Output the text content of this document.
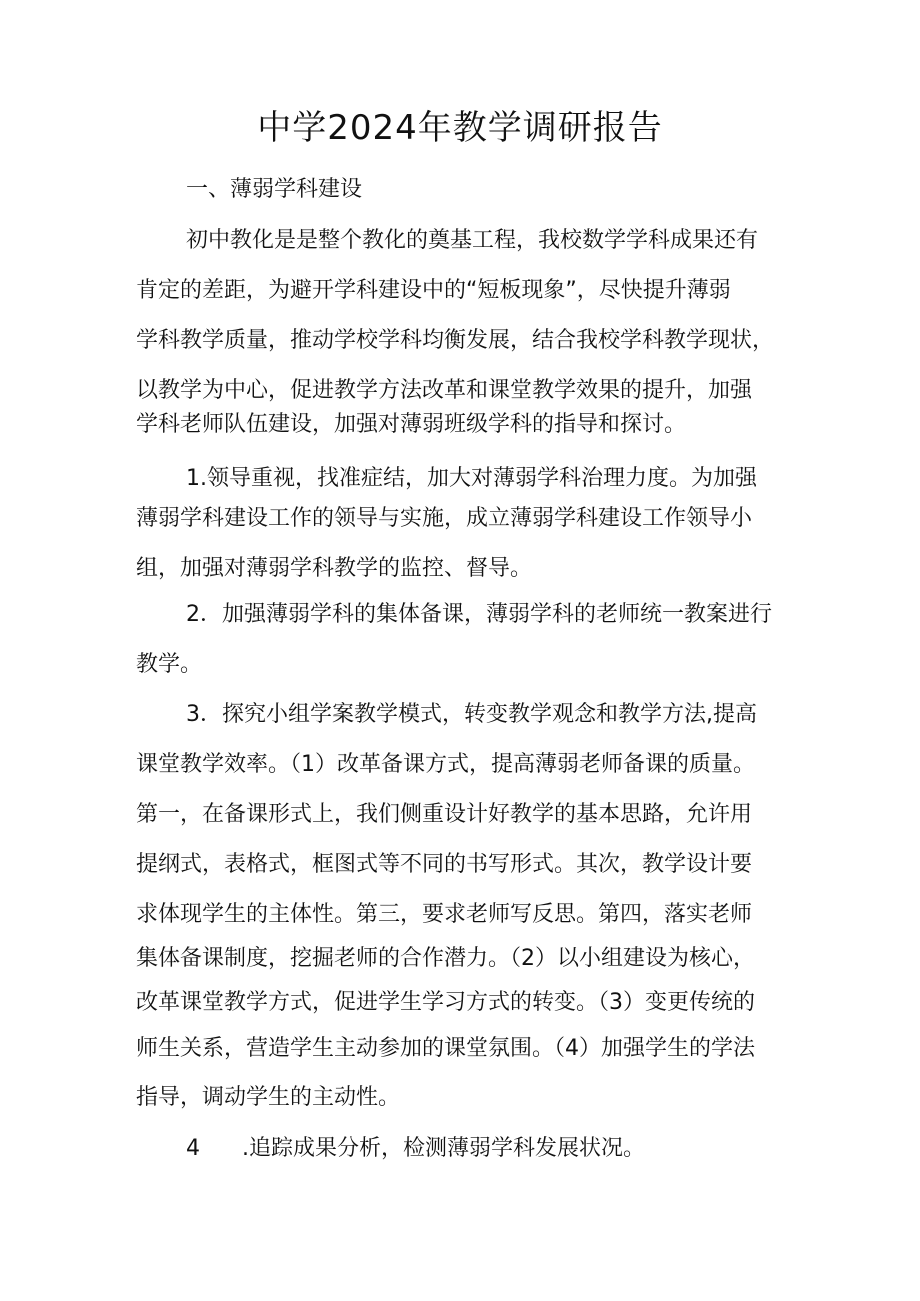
中学2024年教学调研报告
一、薄弱学科建设
初中教化是是整个教化的奠基工程，我校数学学科成果还有
肯定的差距，为避开学科建设中的“短板现象”，尽快提升薄弱
学科教学质量，推动学校学科均衡发展，结合我校学科教学现状，
以教学为中心，促进教学方法改革和课堂教学效果的提升，加强
学科老师队伍建设，加强对薄弱班级学科的指导和探讨。
1.领导重视，找准症结，加大对薄弱学科治理力度。为加强
薄弱学科建设工作的领导与实施，成立薄弱学科建设工作领导小
组，加强对薄弱学科教学的监控、督导。
2．加强薄弱学科的集体备课，薄弱学科的老师统一教案进行
教学。
3．探究小组学案教学模式，转变教学观念和教学方法,提高
课堂教学效率。（1）改革备课方式，提高薄弱老师备课的质量。
第一，在备课形式上，我们侧重设计好教学的基本思路，允许用
提纲式，表格式，框图式等不同的书写形式。其次，教学设计要
求体现学生的主体性。第三，要求老师写反思。第四，落实老师
集体备课制度，挖掘老师的合作潜力。（2）以小组建设为核心，
改革课堂教学方式，促进学生学习方式的转变。（3）变更传统的
师生关系，营造学生主动参加的课堂氛围。（4）加强学生的学法
指导，调动学生的主动性。
4 .追踪成果分析，检测薄弱学科发展状况。
